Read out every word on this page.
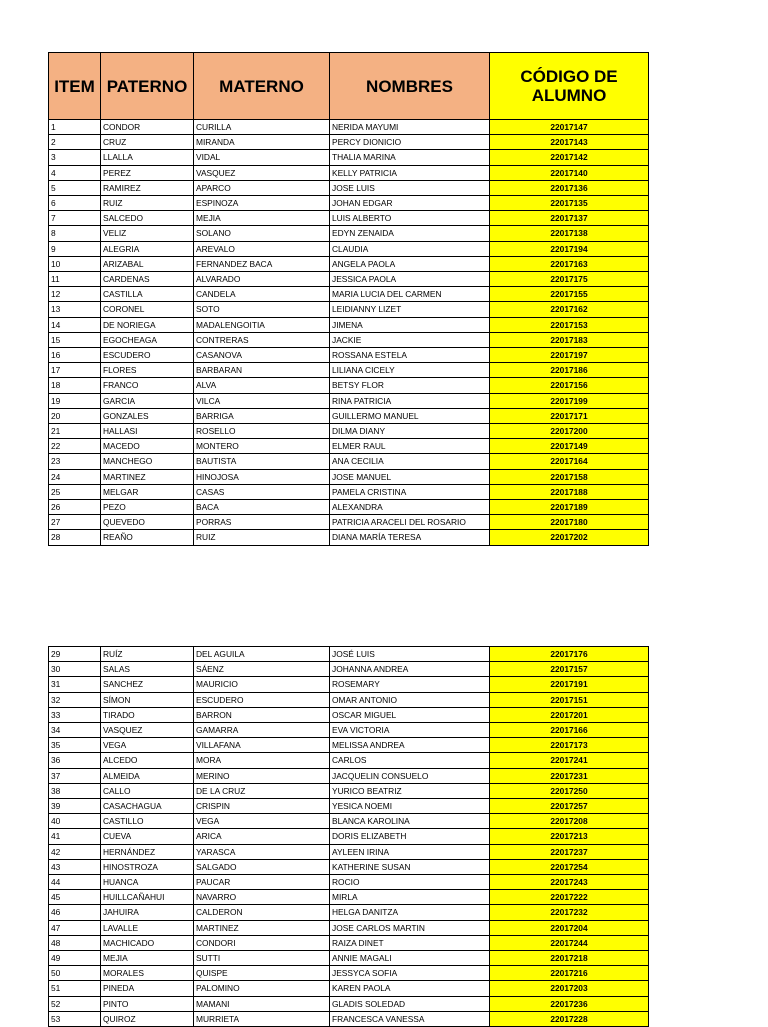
ITEM	PATERNO	MATERNO	NOMBRES	CÓDIGO DE ALUMNO
1	CONDOR	CURILLA	NERIDA MAYUMI	22017147
2	CRUZ	MIRANDA	PERCY DIONICIO	22017143
3	LLALLA	VIDAL	THALIA MARINA	22017142
4	PEREZ	VASQUEZ	KELLY PATRICIA	22017140
5	RAMIREZ	APARCO	JOSE LUIS	22017136
6	RUIZ	ESPINOZA	JOHAN EDGAR	22017135
7	SALCEDO	MEJIA	LUIS ALBERTO	22017137
8	VELIZ	SOLANO	EDYN ZENAIDA	22017138
9	ALEGRIA	AREVALO	CLAUDIA	22017194
10	ARIZABAL	FERNANDEZ BACA	ANGELA PAOLA	22017163
11	CARDENAS	ALVARADO	JESSICA PAOLA	22017175
12	CASTILLA	CANDELA	MARIA LUCIA DEL CARMEN	22017155
13	CORONEL	SOTO	LEIDIANNY LIZET	22017162
14	DE NORIEGA	MADALENGOITIA	JIMENA	22017153
15	EGOCHEAGA	CONTRERAS	JACKIE	22017183
16	ESCUDERO	CASANOVA	ROSSANA ESTELA	22017197
17	FLORES	BARBARAN	LILIANA CICELY	22017186
18	FRANCO	ALVA	BETSY FLOR	22017156
19	GARCIA	VILCA	RINA PATRICIA	22017199
20	GONZALES	BARRIGA	GUILLERMO MANUEL	22017171
21	HALLASI	ROSELLO	DILMA DIANY	22017200
22	MACEDO	MONTERO	ELMER RAUL	22017149
23	MANCHEGO	BAUTISTA	ANA CECILIA	22017164
24	MARTINEZ	HINOJOSA	JOSE MANUEL	22017158
25	MELGAR	CASAS	PAMELA CRISTINA	22017188
26	PEZO	BACA	ALEXANDRA	22017189
27	QUEVEDO	PORRAS	PATRICIA ARACELI DEL ROSARIO	22017180
28	REAÑO	RUIZ	DIANA MARÍA TERESA	22017202
29	RUÍZ	DEL AGUILA	JOSÉ LUIS	22017176
30	SALAS	SÁENZ	JOHANNA ANDREA	22017157
31	SANCHEZ	MAURICIO	ROSEMARY	22017191
32	SÍMON	ESCUDERO	OMAR ANTONIO	22017151
33	TIRADO	BARRON	OSCAR MIGUEL	22017201
34	VASQUEZ	GAMARRA	EVA VICTORIA	22017166
35	VEGA	VILLAFANA	MELISSA ANDREA	22017173
36	ALCEDO	MORA	CARLOS	22017241
37	ALMEIDA	MERINO	JACQUELIN CONSUELO	22017231
38	CALLO	DE LA CRUZ	YURICO BEATRIZ	22017250
39	CASACHAGUA	CRISPIN	YESICA NOEMI	22017257
40	CASTILLO	VEGA	BLANCA KAROLINA	22017208
41	CUEVA	ARICA	DORIS ELIZABETH	22017213
42	HERNÁNDEZ	YARASCA	AYLEEN IRINA	22017237
43	HINOSTROZA	SALGADO	KATHERINE SUSAN	22017254
44	HUANCA	PAUCAR	ROCIO	22017243
45	HUILLCAÑAHUI	NAVARRO	MIRLA	22017222
46	JAHUIRA	CALDERON	HELGA DANITZA	22017232
47	LAVALLE	MARTINEZ	JOSE CARLOS MARTIN	22017204
48	MACHICADO	CONDORI	RAIZA DINET	22017244
49	MEJIA	SUTTI	ANNIE MAGALI	22017218
50	MORALES	QUISPE	JESSYCA SOFIA	22017216
51	PINEDA	PALOMINO	KAREN PAOLA	22017203
52	PINTO	MAMANI	GLADIS SOLEDAD	22017236
53	QUIROZ	MURRIETA	FRANCESCA VANESSA	22017228
